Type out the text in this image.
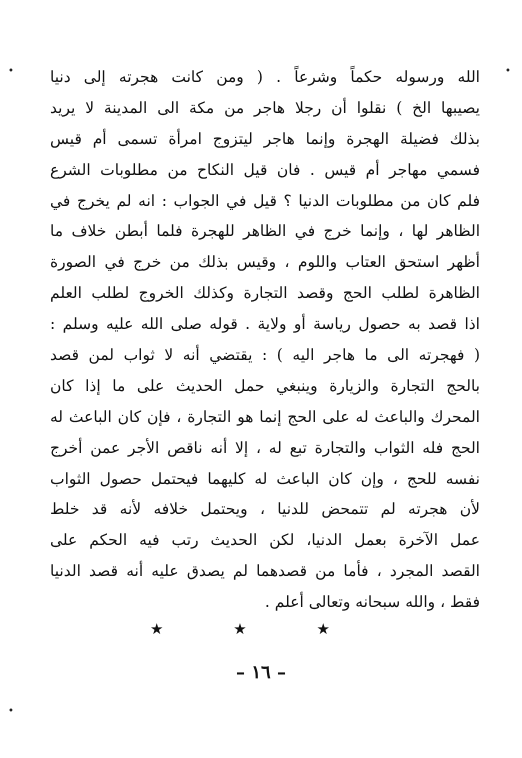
الله ورسوله حكماً وشرعاً . ( ومن كانت هجرته إلى دنيا
يصيبها الخ ) نقلوا أن رجلا هاجر من مكة الى المدينة لا يريد
بذلك فضيلة الهجرة وإنما هاجر ليتزوج امرأة تسمى أم قيس
فسمي مهاجر أم قيس . فان قيل النكاح من مطلوبات الشرع
فلم كان من مطلوبات الدنيا ؟ قيل في الجواب : انه لم يخرج في
الظاهر لها ، وإنما خرج في الظاهر للهجرة فلما أبطن خلاف ما
أظهر استحق العتاب واللوم ، وقيس بذلك من خرج في الصورة
الظاهرة لطلب الحج وقصد التجارة وكذلك الخروج لطلب العلم
اذا قصد به حصول رياسة أو ولاية . قوله صلى الله عليه وسلم :
( فهجرته الى ما هاجر اليه ) : يقتضي أنه لا ثواب لمن قصد
بالحج التجارة والزيارة وينبغي حمل الحديث على ما إذا كان
المحرك والباعث له على الحج إنما هو التجارة ، فإن كان الباعث له
الحج فله الثواب والتجارة تبع له ، إلا أنه ناقص الأجر عمن أخرج
نفسه للحج ، وإن كان الباعث له كليهما فيحتمل حصول الثواب
لأن هجرته لم تتمحض للدنيا ، ويحتمل خلافه لأنه قد خلط
عمل الآخرة بعمل الدنيا، لكن الحديث رتب فيه الحكم على
القصد المجرد ، فأما من قصدهما لم يصدق عليه أنه قصد الدنيا
فقط ، والله سبحانه وتعالى أعلم .
★	★	★
– ١٦ –
•	•
•
